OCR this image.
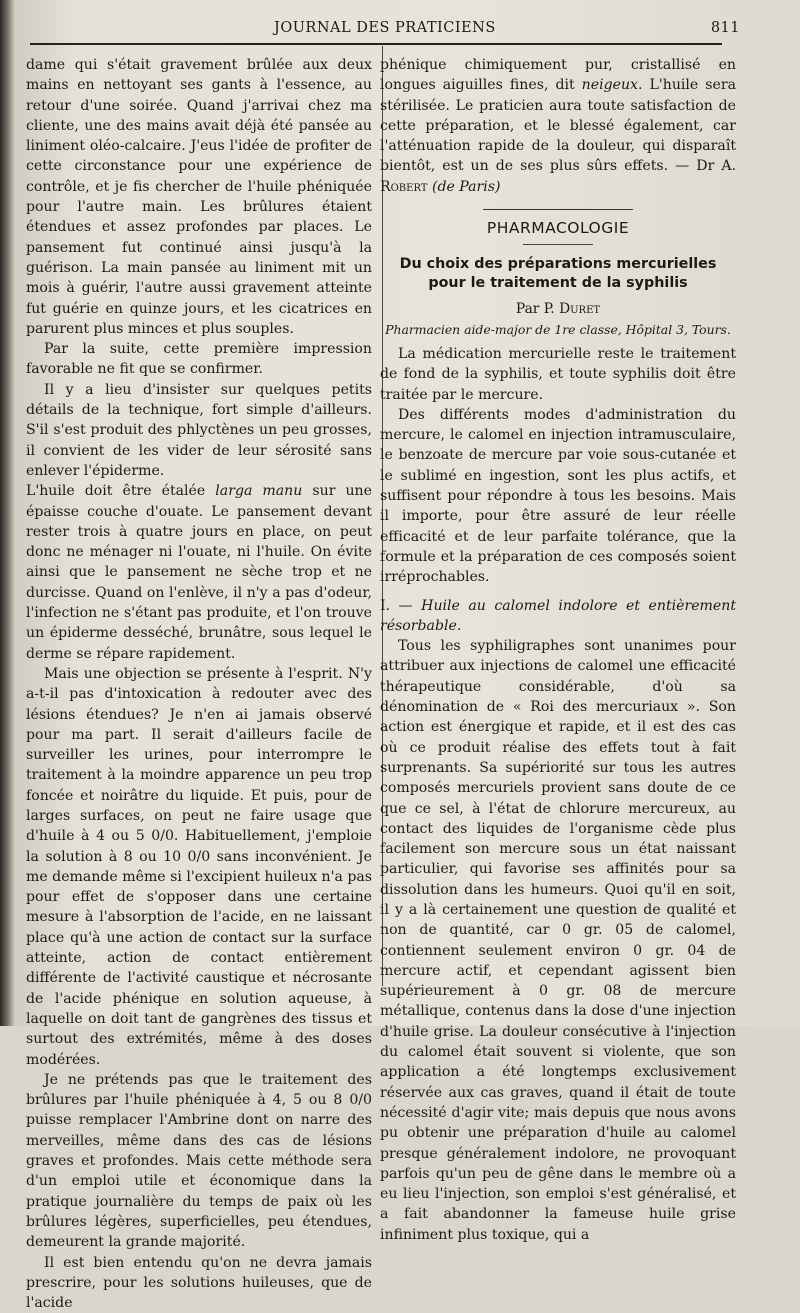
JOURNAL DES PRATICIENS	811

dame qui s'était gravement brûlée aux deux mains en nettoyant ses gants à l'essence, au retour d'une soirée. Quand j'arrivai chez ma cliente, une des mains avait déjà été pansée au liniment oléo-calcaire. J'eus l'idée de profiter de cette circonstance pour une expérience de contrôle, et je fis chercher de l'huile phéniquée pour l'autre main. Les brûlures étaient étendues et assez profondes par places. Le pansement fut continué ainsi jusqu'à la guérison. La main pansée au liniment mit un mois à guérir, l'autre aussi gravement atteinte fut guérie en quinze jours, et les cicatrices en parurent plus minces et plus souples.

Par la suite, cette première impression favorable ne fit que se confirmer.

Il y a lieu d'insister sur quelques petits détails de la technique, fort simple d'ailleurs. S'il s'est produit des phlyctènes un peu grosses, il convient de les vider de leur sérosité sans enlever l'épiderme.

L'huile doit être étalée larga manu sur une épaisse couche d'ouate. Le pansement devant rester trois à quatre jours en place, on peut donc ne ménager ni l'ouate, ni l'huile. On évite ainsi que le pansement ne sèche trop et ne durcisse. Quand on l'enlève, il n'y a pas d'odeur, l'infection ne s'étant pas produite, et l'on trouve un épiderme desséché, brunâtre, sous lequel le derme se répare rapidement.

Mais une objection se présente à l'esprit. N'y a-t-il pas d'intoxication à redouter avec des lésions étendues? Je n'en ai jamais observé pour ma part. Il serait d'ailleurs facile de surveiller les urines, pour interrompre le traitement à la moindre apparence un peu trop foncée et noirâtre du liquide. Et puis, pour de larges surfaces, on peut ne faire usage que d'huile à 4 ou 5 0/0. Habituellement, j'emploie la solution à 8 ou 10 0/0 sans inconvénient. Je me demande même si l'excipient huileux n'a pas pour effet de s'opposer dans une certaine mesure à l'absorption de l'acide, en ne laissant place qu'à une action de contact sur la surface atteinte, action de contact entièrement différente de l'activité caustique et nécrosante de l'acide phénique en solution aqueuse, à laquelle on doit tant de gangrènes des tissus et surtout des extrémités, même à des doses modérées.

Je ne prétends pas que le traitement des brûlures par l'huile phéniquée à 4, 5 ou 8 0/0 puisse remplacer l'Ambrine dont on narre des merveilles, même dans des cas de lésions graves et profondes. Mais cette méthode sera d'un emploi utile et économique dans la pratique journalière du temps de paix où les brûlures légères, superficielles, peu étendues, demeurent la grande majorité.

Il est bien entendu qu'on ne devra jamais prescrire, pour les solutions huileuses, que de l'acide

phénique chimiquement pur, cristallisé en longues aiguilles fines, dit neigeux. L'huile sera stérilisée. Le praticien aura toute satisfaction de cette préparation, et le blessé également, car l'atténuation rapide de la douleur, qui disparaît bientôt, est un de ses plus sûrs effets. — Dr A. Robert (de Paris)

PHARMACOLOGIE
Du choix des préparations mercurielles
pour le traitement de la syphilis
Par P. Duret
Pharmacien aide-major de 1re classe, Hôpital 3, Tours.

La médication mercurielle reste le traitement de fond de la syphilis, et toute syphilis doit être traitée par le mercure.

Des différents modes d'administration du mercure, le calomel en injection intramusculaire, le benzoate de mercure par voie sous-cutanée et le sublimé en ingestion, sont les plus actifs, et suffisent pour répondre à tous les besoins. Mais il importe, pour être assuré de leur réelle efficacité et de leur parfaite tolérance, que la formule et la préparation de ces composés soient irréprochables.

I. — Huile au calomel indolore et entièrement résorbable.

Tous les syphiligraphes sont unanimes pour attribuer aux injections de calomel une efficacité thérapeutique considérable, d'où sa dénomination de « Roi des mercuriaux ». Son action est énergique et rapide, et il est des cas où ce produit réalise des effets tout à fait surprenants. Sa supériorité sur tous les autres composés mercuriels provient sans doute de ce que ce sel, à l'état de chlorure mercureux, au contact des liquides de l'organisme cède plus facilement son mercure sous un état naissant particulier, qui favorise ses affinités pour sa dissolution dans les humeurs. Quoi qu'il en soit, il y a là certainement une question de qualité et non de quantité, car 0 gr. 05 de calomel, contiennent seulement environ 0 gr. 04 de mercure actif, et cependant agissent bien supérieurement à 0 gr. 08 de mercure métallique, contenus dans la dose d'une injection d'huile grise. La douleur consécutive à l'injection du calomel était souvent si violente, que son application a été longtemps exclusivement réservée aux cas graves, quand il était de toute nécessité d'agir vite; mais depuis que nous avons pu obtenir une préparation d'huile au calomel presque généralement indolore, ne provoquant parfois qu'un peu de gêne dans le membre où a eu lieu l'injection, son emploi s'est généralisé, et a fait abandonner la fameuse huile grise infiniment plus toxique, qui a
